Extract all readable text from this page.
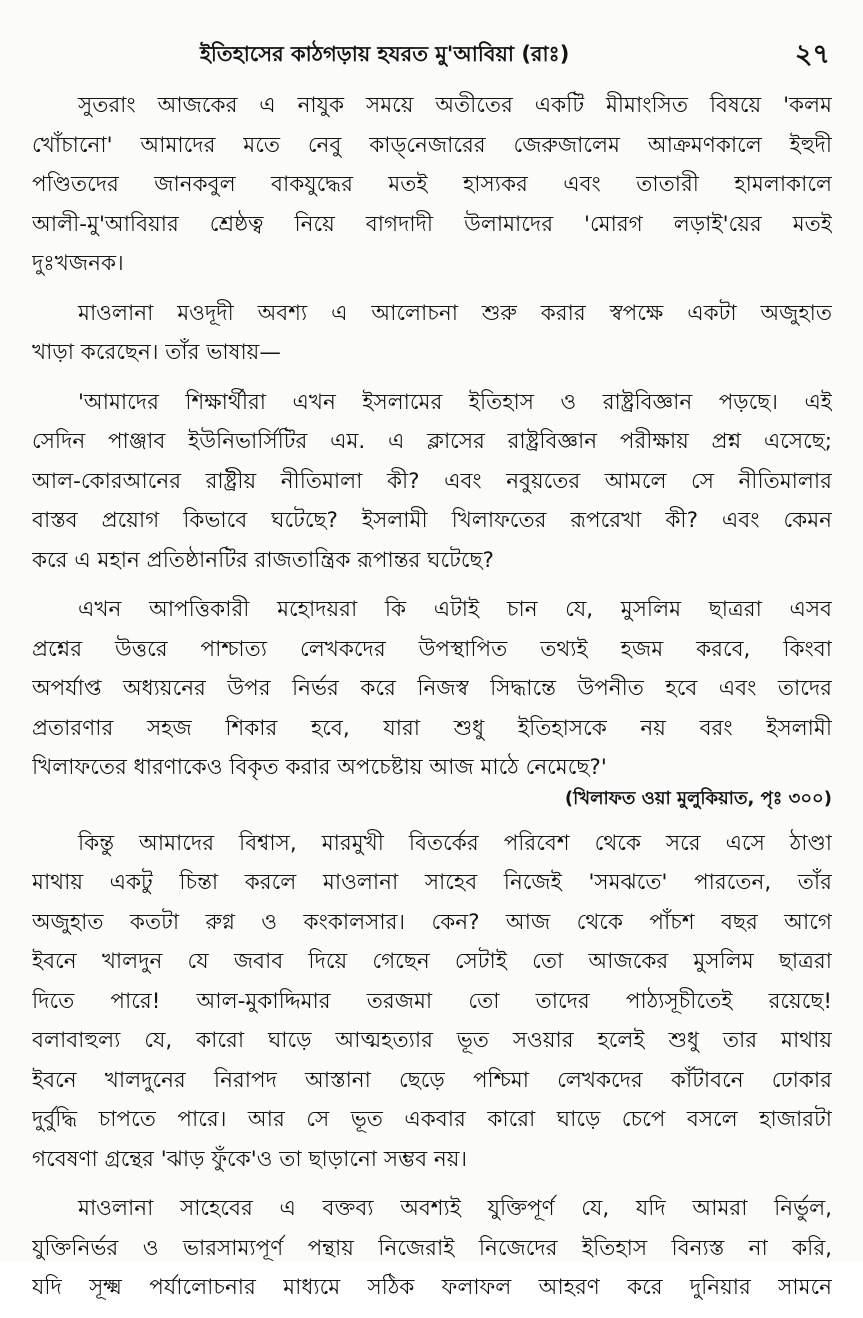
ইতিহাসের কাঠগড়ায় হযরত মু'আবিয়া (রাঃ)	২৭
সুতরাং আজকের এ নাযুক সময়ে অতীতের একটি মীমাংসিত বিষয়ে 'কলম
খোঁচানো' আমাদের মতে নেবু কাড্‌নেজারের জেরুজালেম আক্রমণকালে ইহুদী
পণ্ডিতদের জানকবুল বাকযুদ্ধের মতই হাস্যকর এবং তাতারী হামলাকালে
আলী-মু'আবিয়ার শ্রেষ্ঠত্ব নিয়ে বাগদাদী উলামাদের 'মোরগ লড়াই'য়ের মতই
দুঃখজনক।
মাওলানা মওদূদী অবশ্য এ আলোচনা শুরু করার স্বপক্ষে একটা অজুহাত
খাড়া করেছেন। তাঁর ভাষায়—
'আমাদের শিক্ষার্থীরা এখন ইসলামের ইতিহাস ও রাষ্ট্রবিজ্ঞান পড়ছে। এই
সেদিন পাঞ্জাব ইউনিভার্সিটির এম. এ ক্লাসের রাষ্ট্রবিজ্ঞান পরীক্ষায় প্রশ্ন এসেছে;
আল-কোরআনের রাষ্ট্রীয় নীতিমালা কী? এবং নবুয়তের আমলে সে নীতিমালার
বাস্তব প্রয়োগ কিভাবে ঘটেছে? ইসলামী খিলাফতের রূপরেখা কী? এবং কেমন
করে এ মহান প্রতিষ্ঠানটির রাজতান্ত্রিক রূপান্তর ঘটেছে?
এখন আপত্তিকারী মহোদয়রা কি এটাই চান যে, মুসলিম ছাত্ররা এসব
প্রশ্নের উত্তরে পাশ্চাত্য লেখকদের উপস্থাপিত তথ্যই হজম করবে, কিংবা
অপর্যাপ্ত অধ্যয়নের উপর নির্ভর করে নিজস্ব সিদ্ধান্তে উপনীত হবে এবং তাদের
প্রতারণার সহজ শিকার হবে, যারা শুধু ইতিহাসকে নয় বরং ইসলামী
খিলাফতের ধারণাকেও বিকৃত করার অপচেষ্টায় আজ মাঠে নেমেছে?'
(খিলাফত ওয়া মুলুকিয়াত, পৃঃ ৩০০)
কিন্তু আমাদের বিশ্বাস, মারমুখী বিতর্কের পরিবেশ থেকে সরে এসে ঠাণ্ডা
মাথায় একটু চিন্তা করলে মাওলানা সাহেব নিজেই 'সমঝতে' পারতেন, তাঁর
অজুহাত কতটা রুগ্ন ও কংকালসার। কেন? আজ থেকে পাঁচশ বছর আগে
ইবনে খালদুন যে জবাব দিয়ে গেছেন সেটাই তো আজকের মুসলিম ছাত্ররা
দিতে পারে! আল-মুকাদ্দিমার তরজমা তো তাদের পাঠ্যসূচীতেই রয়েছে!
বলাবাহুল্য যে, কারো ঘাড়ে আত্মহত্যার ভূত সওয়ার হলেই শুধু তার মাথায়
ইবনে খালদুনের নিরাপদ আস্তানা ছেড়ে পশ্চিমা লেখকদের কাঁটাবনে ঢোকার
দুর্বুদ্ধি চাপতে পারে। আর সে ভূত একবার কারো ঘাড়ে চেপে বসলে হাজারটা
গবেষণা গ্রন্থের 'ঝাড় ফুঁকে'ও তা ছাড়ানো সম্ভব নয়।
মাওলানা সাহেবের এ বক্তব্য অবশ্যই যুক্তিপূর্ণ যে, যদি আমরা নির্ভুল,
যুক্তিনির্ভর ও ভারসাম্যপূর্ণ পন্থায় নিজেরাই নিজেদের ইতিহাস বিন্যস্ত না করি,
যদি সূক্ষ্ম পর্যালোচনার মাধ্যমে সঠিক ফলাফল আহরণ করে দুনিয়ার সামনে
